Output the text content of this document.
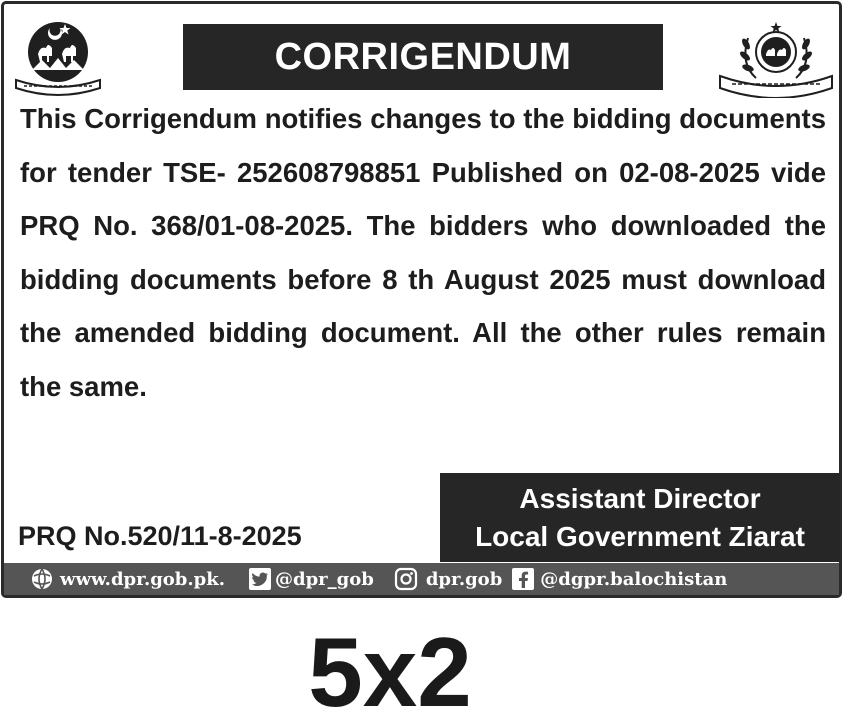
CORRIGENDUM
This Corrigendum notifies changes to the bidding documents for tender TSE- 252608798851 Published on 02-08-2025 vide PRQ No. 368/01-08-2025. The bidders who downloaded the bidding documents before 8 th August 2025 must download the amended bidding document. All the other rules remain the same.
PRQ No.520/11-8-2025
Assistant Director
Local Government Ziarat
www.dpr.gob.pk.	@dpr_gob	dpr.gob @dgpr.balochistan
5x2
